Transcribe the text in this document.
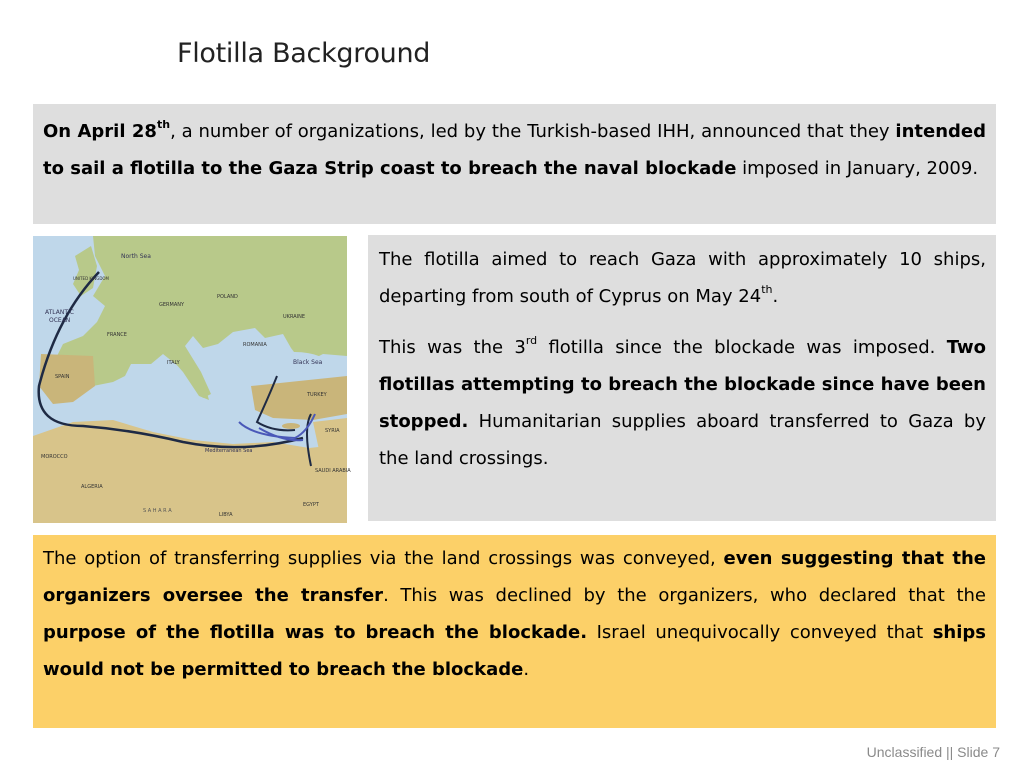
Flotilla Background
On April 28th, a number of organizations, led by the Turkish-based IHH, announced that they intended to sail a flotilla to the Gaza Strip coast to breach the naval blockade imposed in January, 2009.
North Sea
ATLANTIC
OCEAN
Black Sea
Mediterranean Sea
SPAIN
MOROCCO
ALGERIA
LIBYA
EGYPT
TURKEY
SYRIA
SAUDI ARABIA
POLAND
ROMANIA
UKRAINE
ITALY
FRANCE
GERMANY
UNITED KINGDOM
S A H A R A

The flotilla aimed to reach Gaza with approximately 10 ships, departing from south of Cyprus on May 24th.

This was the 3rd flotilla since the blockade was imposed. Two flotillas attempting to breach the blockade since have been stopped. Humanitarian supplies aboard transferred to Gaza by the land crossings.

The option of transferring supplies via the land crossings was conveyed, even suggesting that the organizers oversee the transfer. This was declined by the organizers, who declared that the purpose of the flotilla was to breach the blockade. Israel unequivocally conveyed that ships would not be permitted to breach the blockade.
Unclassified || Slide 7
